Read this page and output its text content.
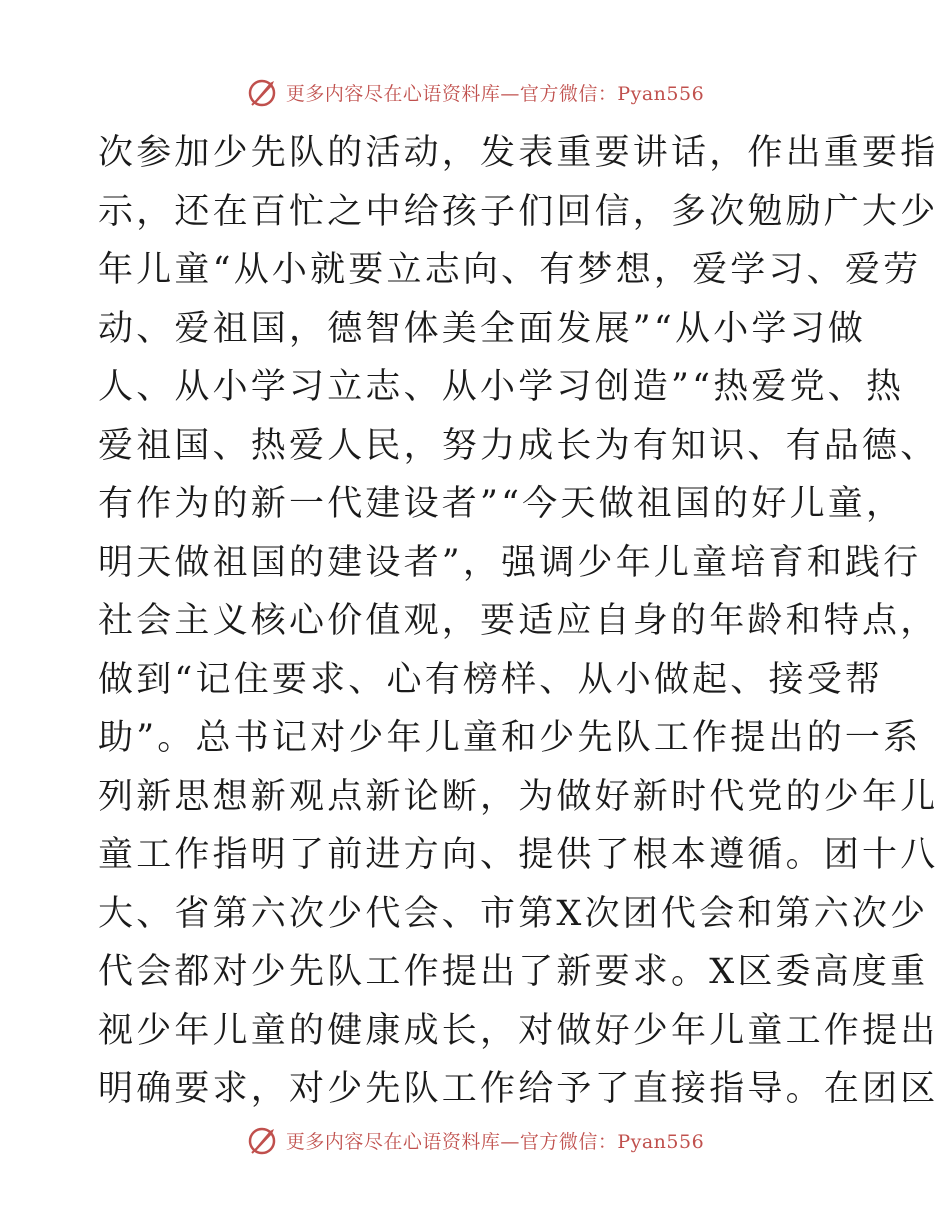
更多内容尽在心语资料库—官方微信：Pyan556
次参加少先队的活动，发表重要讲话，作出重要指
示，还在百忙之中给孩子们回信，多次勉励广大少
年儿童“从小就要立志向、有梦想，爱学习、爱劳
动、爱祖国，德智体美全面发展”“从小学习做
人、从小学习立志、从小学习创造”“热爱党、热
爱祖国、热爱人民，努力成长为有知识、有品德、
有作为的新一代建设者”“今天做祖国的好儿童，
明天做祖国的建设者”，强调少年儿童培育和践行
社会主义核心价值观，要适应自身的年龄和特点，
做到“记住要求、心有榜样、从小做起、接受帮
助”。总书记对少年儿童和少先队工作提出的一系
列新思想新观点新论断，为做好新时代党的少年儿
童工作指明了前进方向、提供了根本遵循。团十八
大、省第六次少代会、市第X次团代会和第六次少
代会都对少先队工作提出了新要求。X区委高度重
视少年儿童的健康成长，对做好少年儿童工作提出
明确要求，对少先队工作给予了直接指导。在团区
更多内容尽在心语资料库—官方微信：Pyan556
